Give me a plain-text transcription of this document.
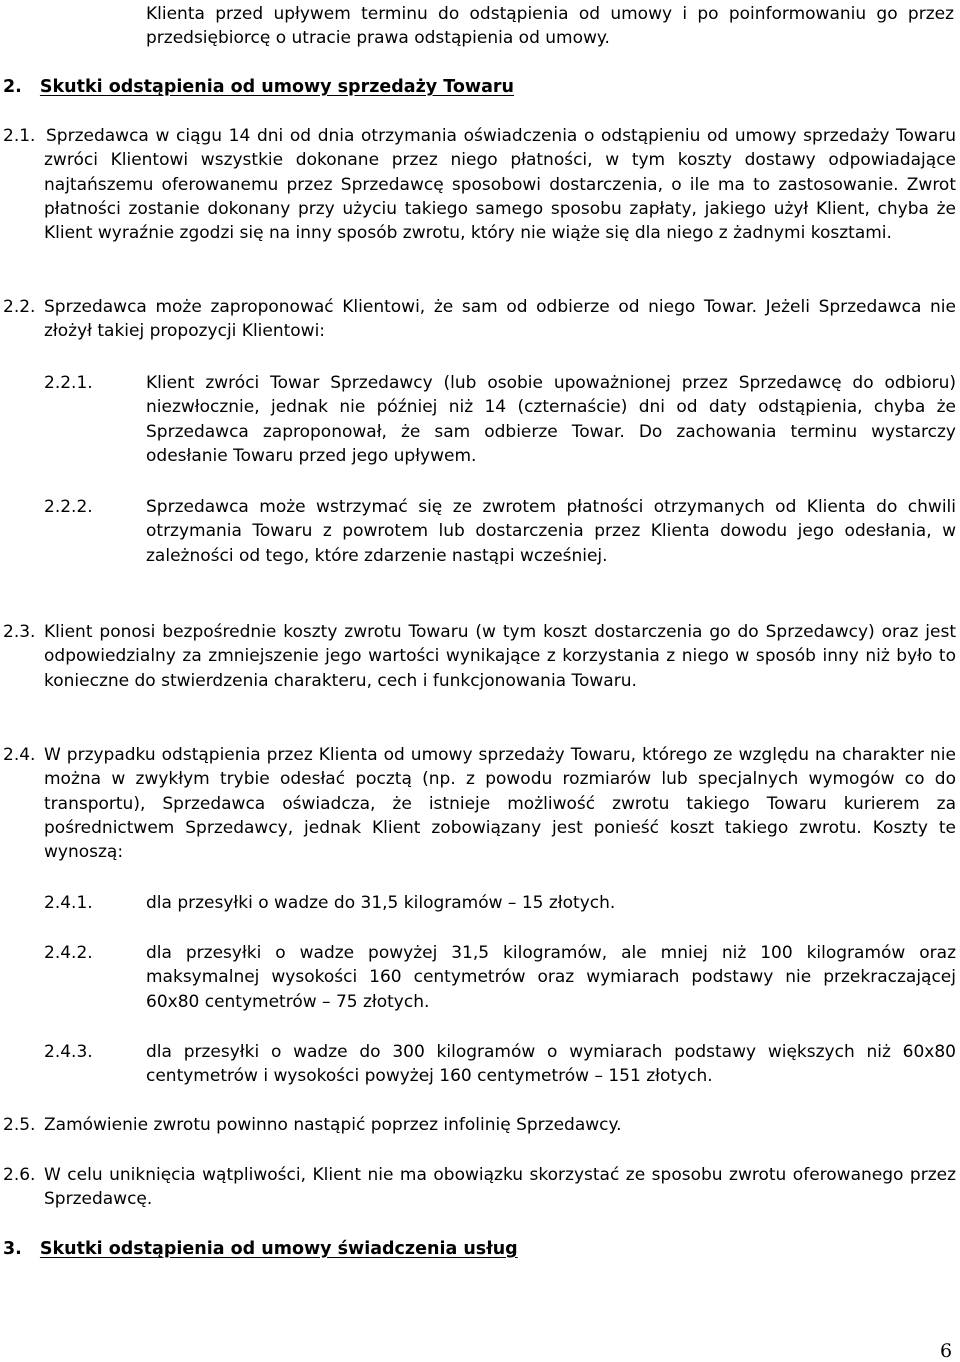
Klienta przed upływem terminu do odstąpienia od umowy i po poinformowaniu go przez przedsiębiorcę o utracie prawa odstąpienia od umowy.
2. Skutki odstąpienia od umowy sprzedaży Towaru
2.1. Sprzedawca w ciągu 14 dni od dnia otrzymania oświadczenia o odstąpieniu od umowy sprzedaży Towaru zwróci Klientowi wszystkie dokonane przez niego płatności, w tym koszty dostawy odpowiadające najtańszemu oferowanemu przez Sprzedawcę sposobowi dostarczenia, o ile ma to zastosowanie. Zwrot płatności zostanie dokonany przy użyciu takiego samego sposobu zapłaty, jakiego użył Klient, chyba że Klient wyraźnie zgodzi się na inny sposób zwrotu, który nie wiąże się dla niego z żadnymi kosztami.
2.2. Sprzedawca może zaproponować Klientowi, że sam od odbierze od niego Towar. Jeżeli Sprzedawca nie złożył takiej propozycji Klientowi:
2.2.1.	Klient zwróci Towar Sprzedawcy (lub osobie upoważnionej przez Sprzedawcę do odbioru) niezwłocznie, jednak nie później niż 14 (czternaście) dni od daty odstąpienia, chyba że Sprzedawca zaproponował, że sam odbierze Towar. Do zachowania terminu wystarczy odesłanie Towaru przed jego upływem.
2.2.2.	Sprzedawca może wstrzymać się ze zwrotem płatności otrzymanych od Klienta do chwili otrzymania Towaru z powrotem lub dostarczenia przez Klienta dowodu jego odesłania, w zależności od tego, które zdarzenie nastąpi wcześniej.
2.3. Klient ponosi bezpośrednie koszty zwrotu Towaru (w tym koszt dostarczenia go do Sprzedawcy) oraz jest odpowiedzialny za zmniejszenie jego wartości wynikające z korzystania z niego w sposób inny niż było to konieczne do stwierdzenia charakteru, cech i funkcjonowania Towaru.
2.4. W przypadku odstąpienia przez Klienta od umowy sprzedaży Towaru, którego ze względu na charakter nie można w zwykłym trybie odesłać pocztą (np. z powodu rozmiarów lub specjalnych wymogów co do transportu), Sprzedawca oświadcza, że istnieje możliwość zwrotu takiego Towaru kurierem za pośrednictwem Sprzedawcy, jednak Klient zobowiązany jest ponieść koszt takiego zwrotu. Koszty te wynoszą:
2.4.1.	dla przesyłki o wadze do 31,5 kilogramów – 15 złotych.
2.4.2.	dla przesyłki o wadze powyżej 31,5 kilogramów, ale mniej niż 100 kilogramów oraz maksymalnej wysokości 160 centymetrów oraz wymiarach podstawy nie przekraczającej 60x80 centymetrów – 75 złotych.
2.4.3.	dla przesyłki o wadze do 300 kilogramów o wymiarach podstawy większych niż 60x80 centymetrów i wysokości powyżej 160 centymetrów – 151 złotych.
2.5. Zamówienie zwrotu powinno nastąpić poprzez infolinię Sprzedawcy.
2.6. W celu uniknięcia wątpliwości, Klient nie ma obowiązku skorzystać ze sposobu zwrotu oferowanego przez Sprzedawcę.
3. Skutki odstąpienia od umowy świadczenia usług
6
